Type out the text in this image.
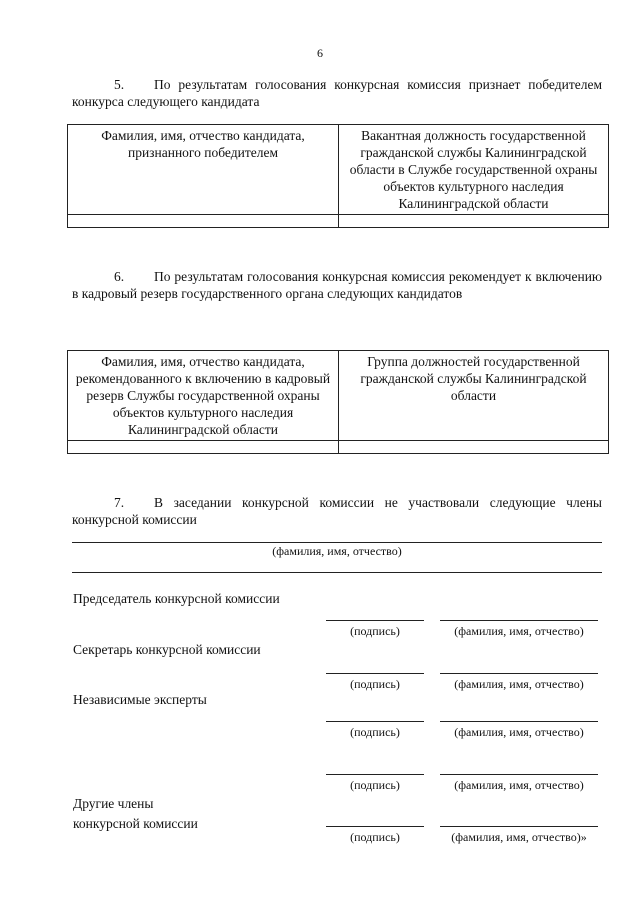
6
5. По результатам голосования конкурсная комиссия признает победителем конкурса следующего кандидата
Фамилия, имя, отчество кандидата, признанного победителем	Вакантная должность государственной гражданской службы Калининградской области в Службе государственной охраны объектов культурного наследия Калининградской области

6. По результатам голосования конкурсная комиссия рекомендует к включению в кадровый резерв государственного органа следующих кандидатов
Фамилия, имя, отчество кандидата, рекомендованного к включению в кадровый резерв Службы государственной охраны объектов культурного наследия Калининградской области	Группа должностей государственной гражданской службы Калининградской области

7. В заседании конкурсной комиссии не участвовали следующие члены конкурсной комиссии
(фамилия, имя, отчество)
Председатель конкурсной комиссии
(подпись)	(фамилия, имя, отчество)
Секретарь конкурсной комиссии
(подпись)	(фамилия, имя, отчество)
Независимые эксперты
(подпись)	(фамилия, имя, отчество)
(подпись)	(фамилия, имя, отчество)
Другие члены
конкурсной комиссии
(подпись)	(фамилия, имя, отчество)»
